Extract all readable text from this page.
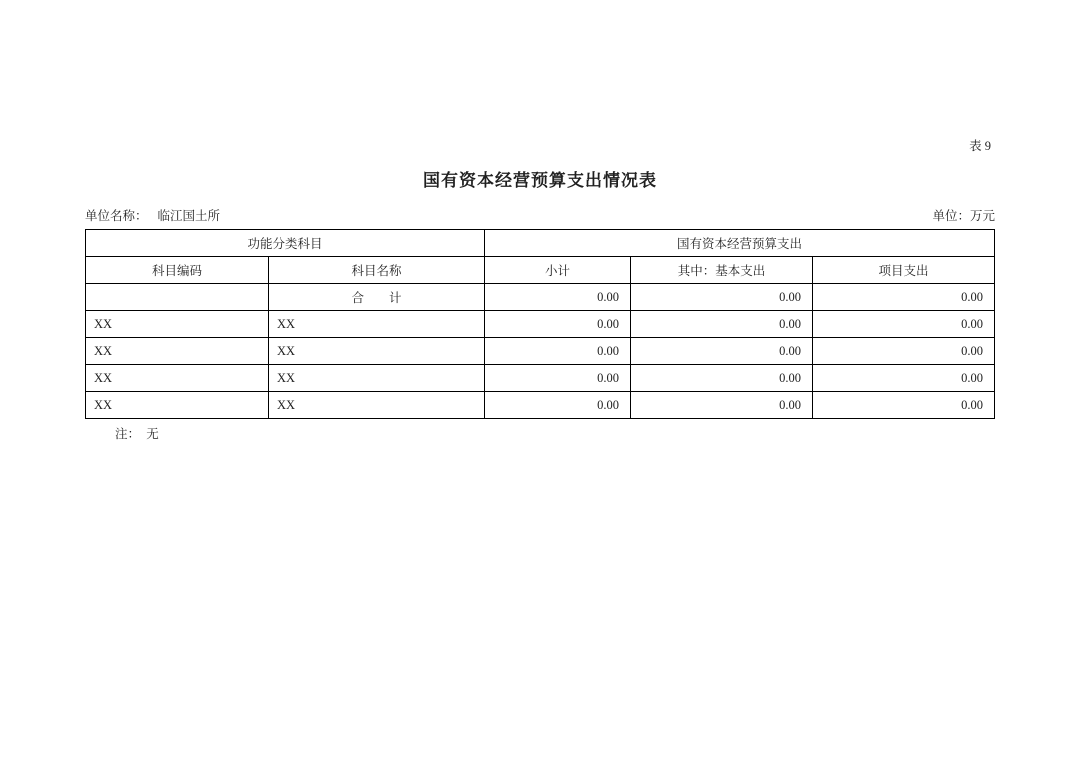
表 9
国有资本经营预算支出情况表
单位名称： 临江国土所	单位：万元
功能分类科目		国有资本经营预算支出		
科目编码	科目名称	小计	其中：基本支出	项目支出
	合　　计	0.00	0.00	0.00
XX	XX	0.00	0.00	0.00
XX	XX	0.00	0.00	0.00
XX	XX	0.00	0.00	0.00
XX	XX	0.00	0.00	0.00
注：　无
